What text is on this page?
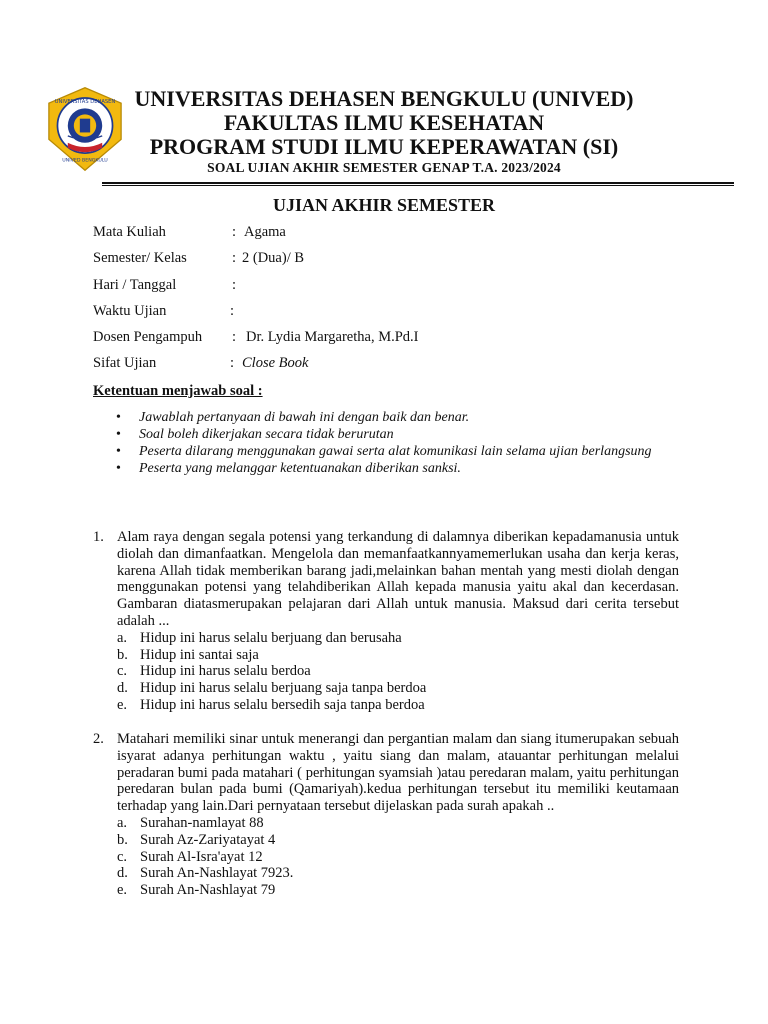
UNIVERSITAS DEHASEN
UNIVED BENGKULU
UNIVERSITAS DEHASEN BENGKULU (UNIVED)
FAKULTAS ILMU KESEHATAN
PROGRAM STUDI ILMU KEPERAWATAN (SI)
SOAL UJIAN AKHIR SEMESTER GENAP T.A. 2023/2024
UJIAN AKHIR SEMESTER
Mata Kuliah	: Agama
Semester/ Kelas	: 2 (Dua)/ B
Hari / Tanggal	:
Waktu Ujian	:
Dosen Pengampuh : Dr. Lydia Margaretha, M.Pd.I
Sifat Ujian	: Close Book
Ketentuan menjawab soal :
• Jawablah pertanyaan di bawah ini dengan baik dan benar.
• Soal boleh dikerjakan secara tidak berurutan
• Peserta dilarang menggunakan gawai serta alat komunikasi lain selama ujian berlangsung
• Peserta yang melanggar ketentuanakan diberikan sanksi.
1. Alam raya dengan segala potensi yang terkandung di dalamnya diberikan kepadamanusia untuk diolah dan dimanfaatkan. Mengelola dan memanfaatkannyamemerlukan usaha dan kerja keras, karena Allah tidak memberikan barang jadi,melainkan bahan mentah yang mesti diolah dengan menggunakan potensi yang telahdiberikan Allah kepada manusia yaitu akal dan kecerdasan. Gambaran diatasmerupakan pelajaran dari Allah untuk manusia. Maksud dari cerita tersebut adalah ...
a. Hidup ini harus selalu berjuang dan berusaha
b. Hidup ini santai saja
c. Hidup ini harus selalu berdoa
d. Hidup ini harus selalu berjuang saja tanpa berdoa
e. Hidup ini harus selalu bersedih saja tanpa berdoa
2. Matahari memiliki sinar untuk menerangi dan pergantian malam dan siang itumerupakan sebuah isyarat adanya perhitungan waktu , yaitu siang dan malam, atauantar perhitungan melalui peradaran bumi pada matahari ( perhitungan syamsiah )atau peredaran malam, yaitu perhitungan peredaran bulan pada bumi (Qamariyah).kedua perhitungan tersebut itu memiliki keutamaan terhadap yang lain.Dari pernyataan tersebut dijelaskan pada surah apakah ..
a. Surahan-namlayat 88
b. Surah Az-Zariyatayat 4
c. Surah Al-Isra'ayat 12
d. Surah An-Nashlayat 7923.
e. Surah An-Nashlayat 79
